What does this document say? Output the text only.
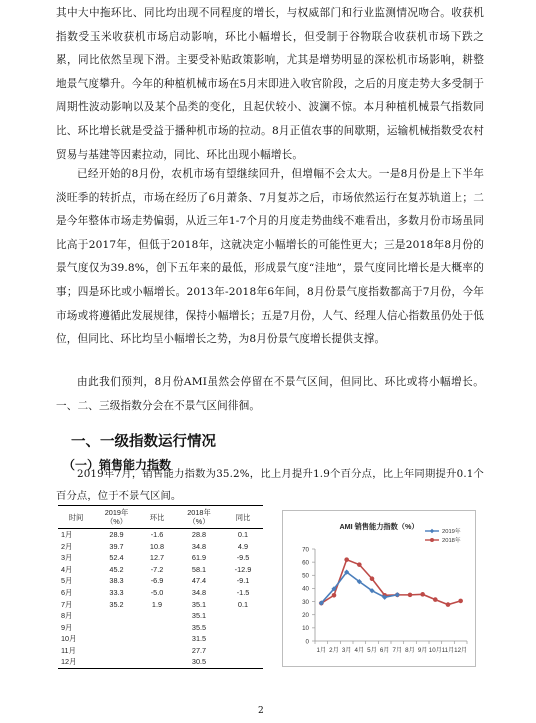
其中大中拖环比、同比均出现不同程度的增长，与权威部门和行业监测情况吻合。收获机指数受玉米收获机市场启动影响，环比小幅增长，但受制于谷物联合收获机市场下跌之累，同比依然呈现下滑。主要受补贴政策影响，尤其是增势明显的深松机市场影响，耕整地景气度攀升。今年的种植机械市场在5月末即进入收官阶段，之后的月度走势大多受制于周期性波动影响以及某个品类的变化，且起伏较小、波澜不惊。本月种植机械景气指数同比、环比增长就是受益于播种机市场的拉动。8月正值农事的间歇期，运输机械指数受农村贸易与基建等因素拉动，同比、环比出现小幅增长。

已经开始的8月份，农机市场有望继续回升，但增幅不会太大。一是8月份是上下半年淡旺季的转折点，市场在经历了6月萧条、7月复苏之后，市场依然运行在复苏轨道上；二是今年整体市场走势偏弱，从近三年1-7个月的月度走势曲线不难看出，多数月份市场虽同比高于2017年，但低于2018年，这就决定小幅增长的可能性更大；三是2018年8月份的景气度仅为39.8%，创下五年来的最低，形成景气度“洼地”，景气度同比增长是大概率的事；四是环比或小幅增长。2013年-2018年6年间，8月份景气度指数都高于7月份，今年市场或将遵循此发展规律，保持小幅增长；五是7月份，人气、经理人信心指数虽仍处于低位，但同比、环比均呈小幅增长之势，为8月份景气度增长提供支撑。

由此我们预判，8月份AMI虽然会停留在不景气区间，但同比、环比或将小幅增长。一、二、三级指数分会在不景气区间徘徊。

一、一级指数运行情况
（一）销售能力指数

2019年7月，销售能力指数为35.2%，比上月提升1.9个百分点，比上年同期提升0.1个百分点，位于不景气区间。

时间	2019年
（%）	环比	2018年
（%）	同比
1月	28.9	-1.6	28.8	0.1
2月	39.7	10.8	34.8	4.9
3月	52.4	12.7	61.9	-9.5
4月	45.2	-7.2	58.1	-12.9
5月	38.3	-6.9	47.4	-9.1
6月	33.3	-5.0	34.8	-1.5
7月	35.2	1.9	35.1	0.1
8月			35.1	
9月			35.5	
10月			31.5	
11月			27.7	
12月			30.5	
AMI 销售能力指数（%）
0
10
20
30
40
50
60
70
1月 2月 3月 4月 5月 6月 7月 8月 9月 10月 11月 12月
2019年
2018年
2
